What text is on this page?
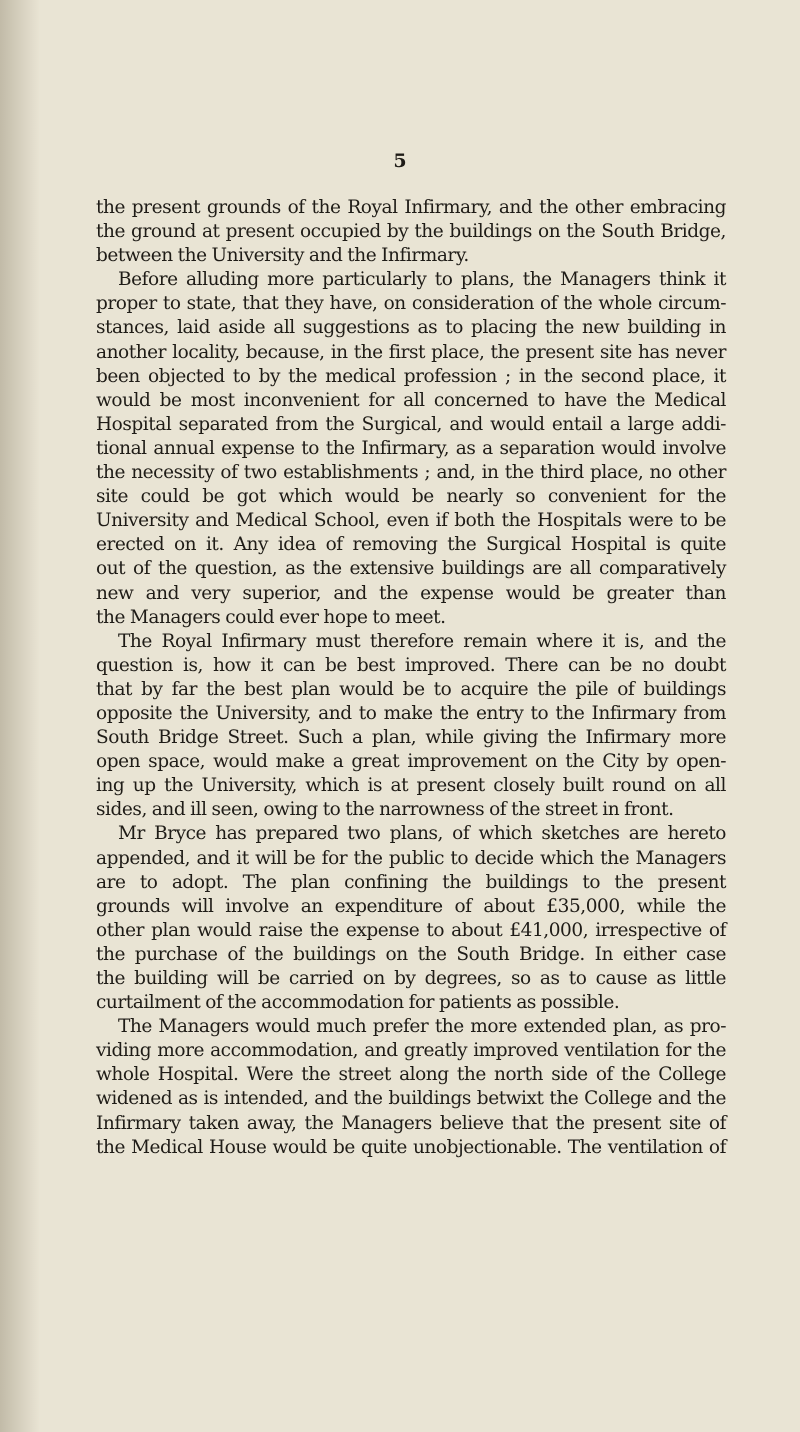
5
the present grounds of the Royal Infirmary, and the other embracing
the ground at present occupied by the buildings on the South Bridge,
between the University and the Infirmary.
Before alluding more particularly to plans, the Managers think it
proper to state, that they have, on consideration of the whole circum-
stances, laid aside all suggestions as to placing the new building in
another locality, because, in the first place, the present site has never
been objected to by the medical profession ; in the second place, it
would be most inconvenient for all concerned to have the Medical
Hospital separated from the Surgical, and would entail a large addi-
tional annual expense to the Infirmary, as a separation would involve
the necessity of two establishments ; and, in the third place, no other
site could be got which would be nearly so convenient for the
University and Medical School, even if both the Hospitals were to be
erected on it. Any idea of removing the Surgical Hospital is quite
out of the question, as the extensive buildings are all comparatively
new and very superior, and the expense would be greater than
the Managers could ever hope to meet.
The Royal Infirmary must therefore remain where it is, and the
question is, how it can be best improved. There can be no doubt
that by far the best plan would be to acquire the pile of buildings
opposite the University, and to make the entry to the Infirmary from
South Bridge Street. Such a plan, while giving the Infirmary more
open space, would make a great improvement on the City by open-
ing up the University, which is at present closely built round on all
sides, and ill seen, owing to the narrowness of the street in front.
Mr Bryce has prepared two plans, of which sketches are hereto
appended, and it will be for the public to decide which the Managers
are to adopt. The plan confining the buildings to the present
grounds will involve an expenditure of about £35,000, while the
other plan would raise the expense to about £41,000, irrespective of
the purchase of the buildings on the South Bridge. In either case
the building will be carried on by degrees, so as to cause as little
curtailment of the accommodation for patients as possible.
The Managers would much prefer the more extended plan, as pro-
viding more accommodation, and greatly improved ventilation for the
whole Hospital. Were the street along the north side of the College
widened as is intended, and the buildings betwixt the College and the
Infirmary taken away, the Managers believe that the present site of
the Medical House would be quite unobjectionable. The ventilation of
